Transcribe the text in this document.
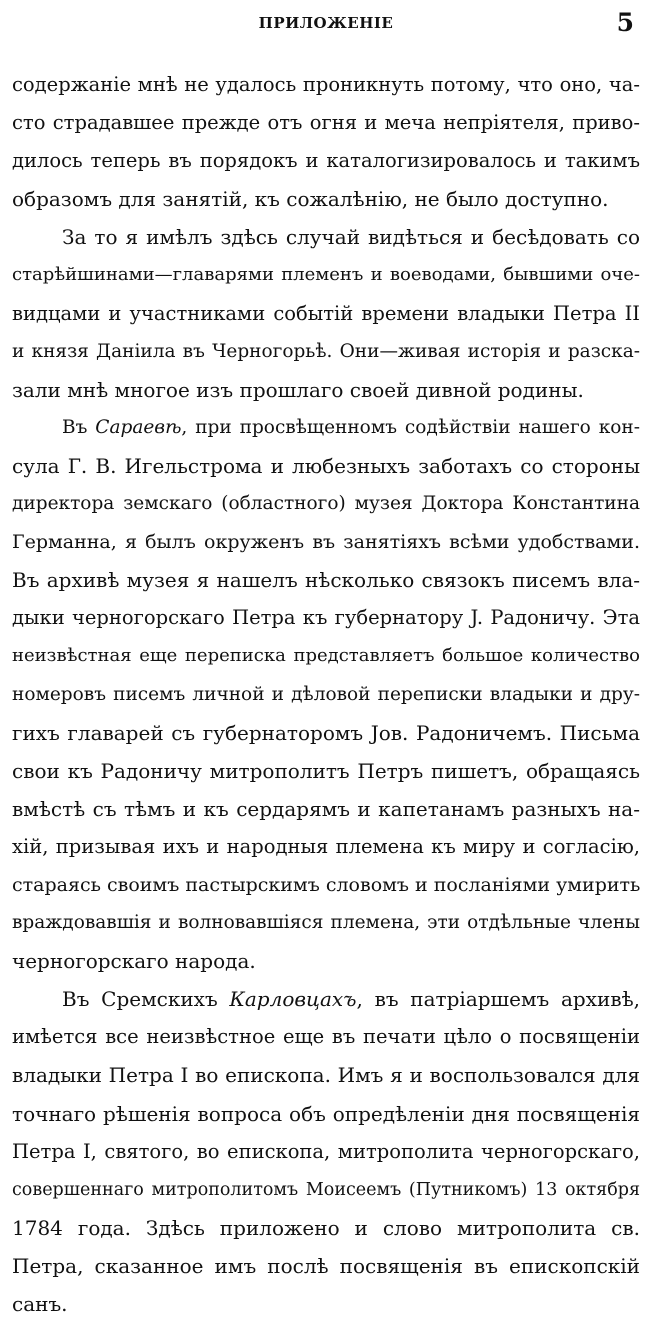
ПРИЛОЖЕНІЕ	5
содержаніе мнѣ не удалось проникнуть потому, что оно, ча-
сто страдавшее прежде отъ огня и меча непріятеля, приво-
дилось теперь въ порядокъ и каталогизировалось и такимъ
образомъ для занятій, къ сожалѣнію, не было доступно.
За то я имѣлъ здѣсь случай видѣться и бесѣдовать со
старѣйшинами—главарями племенъ и воеводами, бывшими оче-
видцами и участниками событій времени владыки Петра II
и князя Даніила въ Черногорьѣ. Они—живая исторія и разска-
зали мнѣ многое изъ прошлаго своей дивной родины.
Въ Сараевѣ, при просвѣщенномъ содѣйствіи нашего кон-
сула Г. В. Игельстрома и любезныхъ заботахъ со стороны
директора земскаго (областного) музея Доктора Константина
Германна, я былъ окруженъ въ занятіяхъ всѣми удобствами.
Въ архивѣ музея я нашелъ нѣсколько связокъ писемъ вла-
дыки черногорскаго Петра къ губернатору J. Радоничу. Эта
неизвѣстная еще переписка представляетъ большое количество
номеровъ писемъ личной и дѣловой переписки владыки и дру-
гихъ главарей съ губернаторомъ Jов. Радоничемъ. Письма
свои къ Радоничу митрополитъ Петръ пишетъ, обращаясь
вмѣстѣ съ тѣмъ и къ сердарямъ и капетанамъ разныхъ на-
хій, призывая ихъ и народныя племена къ миру и согласію,
стараясь своимъ пастырскимъ словомъ и посланіями умирить
враждовавшія и волновавшіяся племена, эти отдѣльные члены
черногорскаго народа.
Въ Сремскихъ Карловцахъ, въ патріаршемъ архивѣ,
имѣется все неизвѣстное еще въ печати цѣло о посвященіи
владыки Петра I во епископа. Имъ я и воспользовался для
точнаго рѣшенія вопроса объ опредѣленіи дня посвященія
Петра I, святого, во епископа, митрополита черногорскаго,
совершеннаго митрополитомъ Моисеемъ (Путникомъ) 13 октября
1784 года. Здѣсь приложено и слово митрополита св.
Петра, сказанное имъ послѣ посвященія въ епископскій
санъ.
